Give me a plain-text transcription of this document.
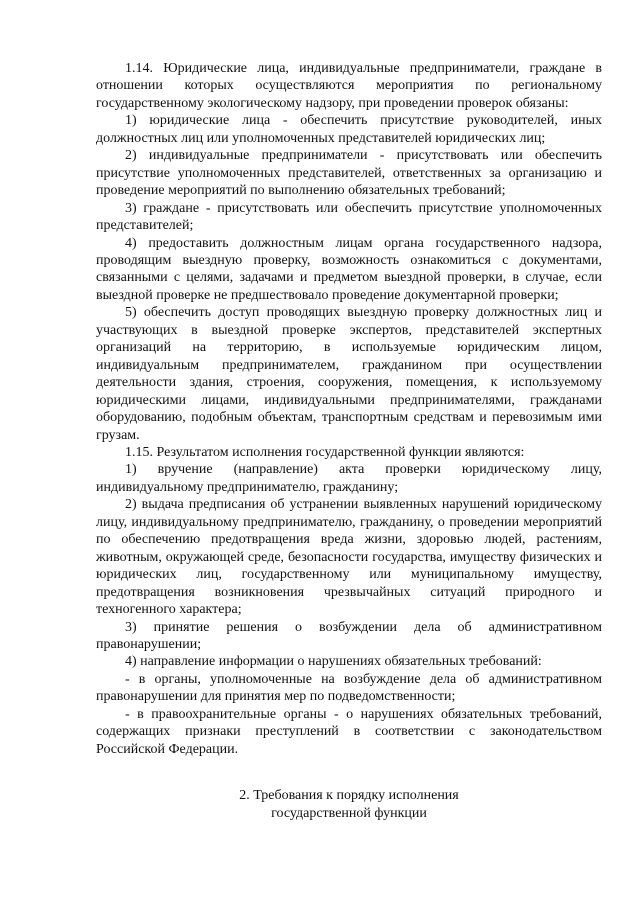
1.14. Юридические лица, индивидуальные предприниматели, граждане в отношении которых осуществляются мероприятия по региональному государственному экологическому надзору, при проведении проверок обязаны:

1) юридические лица - обеспечить присутствие руководителей, иных должностных лиц или уполномоченных представителей юридических лиц;

2) индивидуальные предприниматели - присутствовать или обеспечить присутствие уполномоченных представителей, ответственных за организацию и проведение мероприятий по выполнению обязательных требований;

3) граждане - присутствовать или обеспечить присутствие уполномоченных представителей;

4) предоставить должностным лицам органа государственного надзора, проводящим выездную проверку, возможность ознакомиться с документами, связанными с целями, задачами и предметом выездной проверки, в случае, если выездной проверке не предшествовало проведение документарной проверки;

5) обеспечить доступ проводящих выездную проверку должностных лиц и участвующих в выездной проверке экспертов, представителей экспертных организаций на территорию, в используемые юридическим лицом, индивидуальным предпринимателем, гражданином при осуществлении деятельности здания, строения, сооружения, помещения, к используемому юридическими лицами, индивидуальными предпринимателями, гражданами оборудованию, подобным объектам, транспортным средствам и перевозимым ими грузам.

1.15. Результатом исполнения государственной функции являются:

1) вручение (направление) акта проверки юридическому лицу, индивидуальному предпринимателю, гражданину;

2) выдача предписания об устранении выявленных нарушений юридическому лицу, индивидуальному предпринимателю, гражданину, о проведении мероприятий по обеспечению предотвращения вреда жизни, здоровью людей, растениям, животным, окружающей среде, безопасности государства, имуществу физических и юридических лиц, государственному или муниципальному имуществу, предотвращения возникновения чрезвычайных ситуаций природного и техногенного характера;

3) принятие решения о возбуждении дела об административном правонарушении;

4) направление информации о нарушениях обязательных требований:

- в органы, уполномоченные на возбуждение дела об административном правонарушении для принятия мер по подведомственности;

- в правоохранительные органы - о нарушениях обязательных требований, содержащих признаки преступлений в соответствии с законодательством Российской Федерации.

2. Требования к порядку исполнения
государственной функции
